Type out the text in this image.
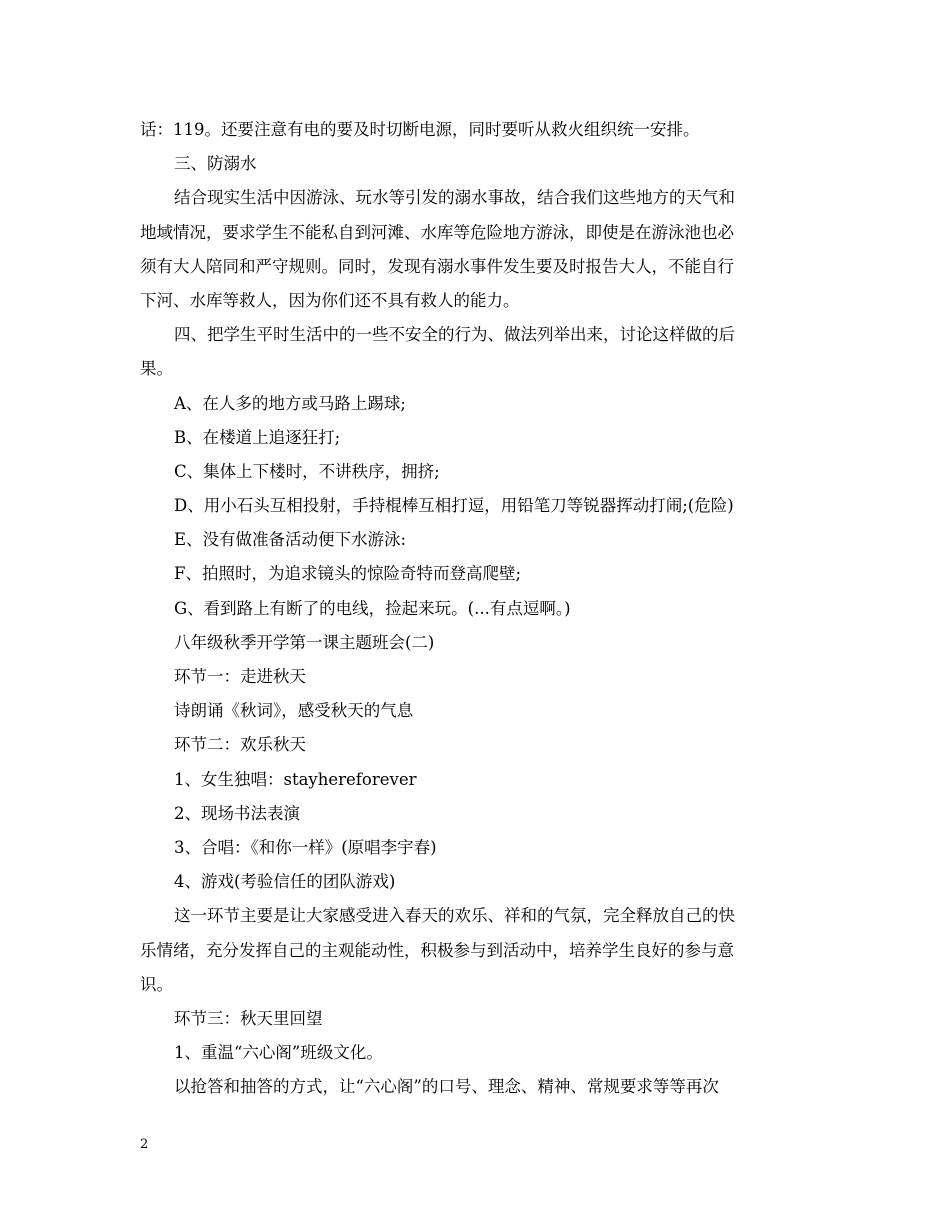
话：119。还要注意有电的要及时切断电源，同时要听从救火组织统一安排。
三、防溺水
结合现实生活中因游泳、玩水等引发的溺水事故，结合我们这些地方的天气和
地域情况，要求学生不能私自到河滩、水库等危险地方游泳，即使是在游泳池也必
须有大人陪同和严守规则。同时，发现有溺水事件发生要及时报告大人，不能自行
下河、水库等救人，因为你们还不具有救人的能力。
四、把学生平时生活中的一些不安全的行为、做法列举出来，讨论这样做的后
果。
A、在人多的地方或马路上踢球;
B、在楼道上追逐狂打;
C、集体上下楼时，不讲秩序，拥挤;
D、用小石头互相投射，手持棍棒互相打逗，用铅笔刀等锐器挥动打闹;(危险)
E、没有做准备活动便下水游泳:
F、拍照时，为追求镜头的惊险奇特而登高爬壁;
G、看到路上有断了的电线，捡起来玩。(...有点逗啊。)
八年级秋季开学第一课主题班会(二)
环节一：走进秋天
诗朗诵《秋词》，感受秋天的气息
环节二：欢乐秋天
1、女生独唱：stayhereforever
2、现场书法表演
3、合唱：《和你一样》(原唱李宇春)
4、游戏(考验信任的团队游戏)
这一环节主要是让大家感受进入春天的欢乐、祥和的气氛，完全释放自己的快
乐情绪，充分发挥自己的主观能动性，积极参与到活动中，培养学生良好的参与意
识。
环节三：秋天里回望
1、重温“六心阁”班级文化。
以抢答和抽答的方式，让“六心阁”的口号、理念、精神、常规要求等等再次
2
